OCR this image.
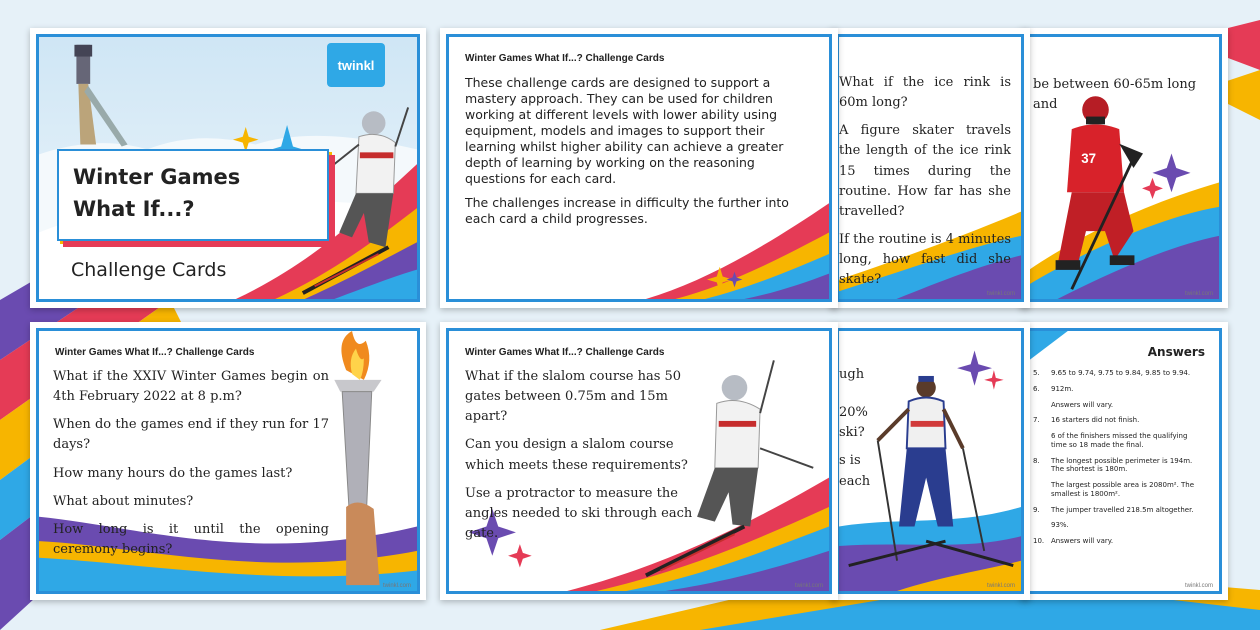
37
be between 60-65m long and
twinkl.com

What if the ice rink is 60m long?

A figure skater travels the length of the ice rink 15 times during the routine. How far has she travelled?

If the routine is 4 minutes long, how fast did she skate?

twinkl.com
Winter Games What If...? Challenge Cards

These challenge cards are designed to support a mastery approach. They can be used for children working at different levels with lower ability using equipment, models and images to support their learning whilst higher ability can achieve a greater depth of learning by working on the reasoning questions for each card.

The challenges increase in difficulty the further into each card a child progresses.

twinkl
Winter Games
What If...?
Challenge Cards
Answers
5.	9.65 to 9.74, 9.75 to 9.84, 9.85 to 9.94.
6.	912m.
Answers will vary.
7.	16 starters did not finish.
6 of the finishers missed the qualifying time so 18 made the final.
8.	The longest possible perimeter is 194m. The shortest is 180m.
The largest possible area is 2080m². The smallest is 1800m².
9.	The jumper travelled 218.5m altogether.
93%.
10. Answers will vary.
twinkl.com
ugh
20%
ski?
s is
each
twinkl.com
Winter Games What If...? Challenge Cards

What if the slalom course has 50 gates between 0.75m and 15m apart?

Can you design a slalom course which meets these requirements?

Use a protractor to measure the angles needed to ski through each gate.

twinkl.com
Winter Games What If...? Challenge Cards

What if the XXIV Winter Games begin on 4th February 2022 at 8 p.m?

When do the games end if they run for 17 days?

How many hours do the games last?

What about minutes?

How long is it until the opening ceremony begins?

twinkl.com
